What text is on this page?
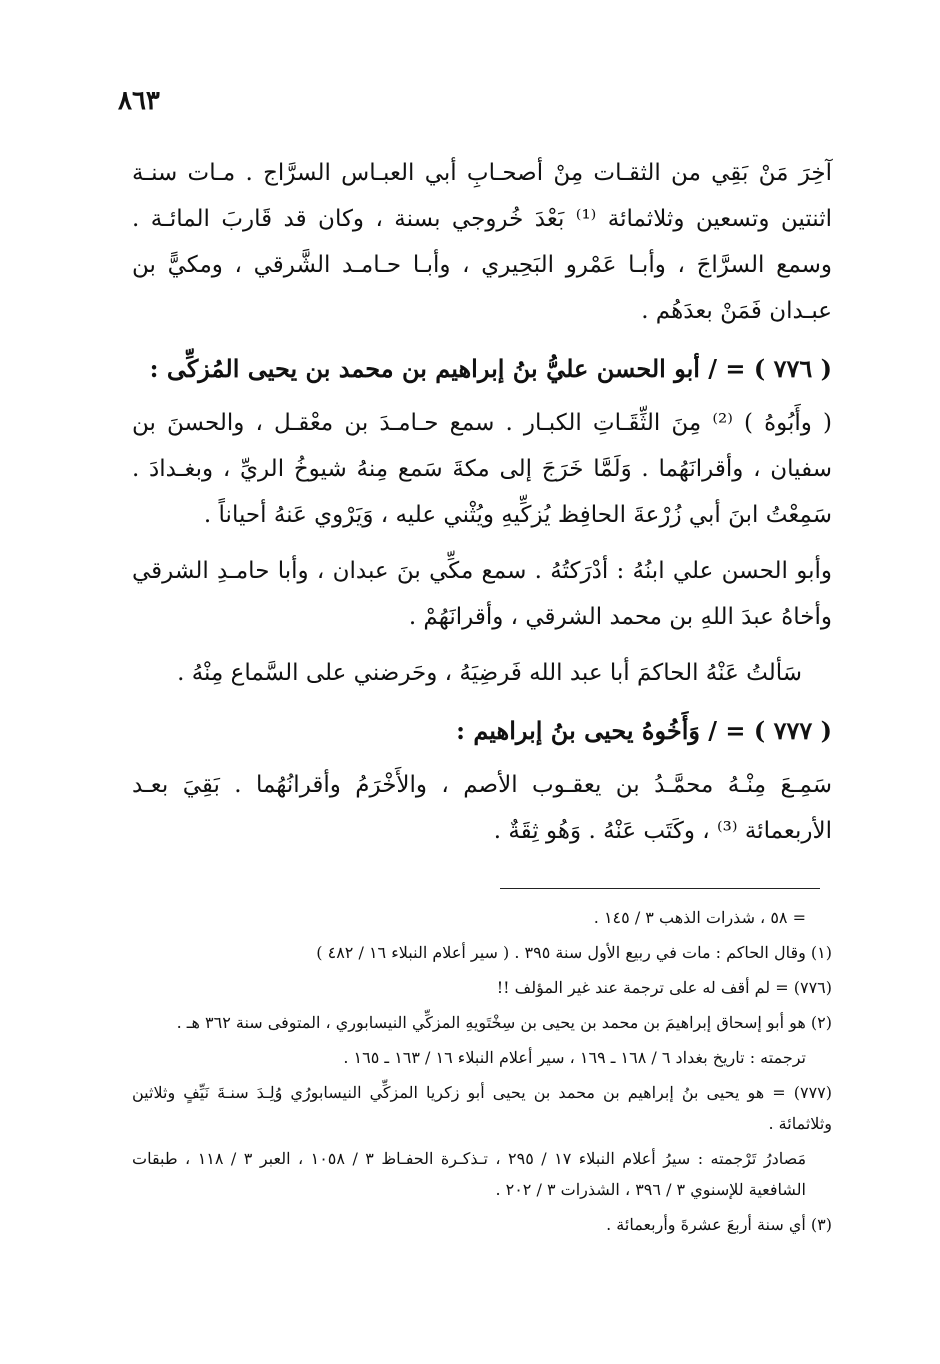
٨٦٣

آخِرَ مَنْ بَقِي من الثقـات مِنْ أصحـابِ أبي العبـاس السرَّاج . مـات سنـة اثنتين وتسعين وثلاثمائة ⁽¹⁾ بَعْدَ خُروجي بسنة ، وكان قد قَاربَ المائـة . وسمع السرَّاجَ ، وأبـا عَمْرو البَحِيري ، وأبـا حـامـد الشَّرقي ، ومكيًّ بن عبـدان فَمَنْ بعدَهُم .

( ٧٧٦ ) = / أبو الحسن عليُّ بنُ إبراهيم بن محمد بن يحيى المُزكِّى :

( وأَبُوهُ ) ⁽²⁾ مِنَ الثِّقَـاتِ الكبـار . سمع حـامـدَ بن معْقـل ، والحسنَ بن سفيان ، وأقرانَهُما . وَلَمَّا خَرَجَ إلى مكةَ سَمع مِنهُ شيوخُ الريِّ ، وبغـدادَ . سَمِعْتُ ابنَ أبي زُرْعةَ الحافِظ يُزكِّيهِ ويُثْني عليه ، وَيَرْوي عَنهُ أحياناً .

وأبو الحسن علي ابنُهُ : أدْرَكتُهُ . سمع مكِّي بنَ عبدان ، وأبا حامـدِ الشرقي وأخاهُ عبدَ اللهِ بن محمد الشرقي ، وأقرانَهُمْ .

سَألتُ عَنْهُ الحاكمَ أبا عبد الله فَرضِيَهُ ، وحَرضني على السَّماع مِنْهُ .

( ٧٧٧ ) = / وَأَخُوهُ يحيى بنُ إبراهيم :

سَمِـعَ مِنْـهُ محمَّـدُ بن يعقـوب الأصم ، والأَخْرَمُ وأقرانُهُما . بَقِيَ بعـد الأربعمائة ⁽³⁾ ، وكَتَب عَنْهُ . وَهُو ثِقَةٌ .

= ٥٨ ، شذرات الذهب ٣ / ١٤٥ .

(١) وقال الحاكم : مات في ربيع الأول سنة ٣٩٥ . ( سير أعلام النبلاء ١٦ / ٤٨٢ )

(٧٧٦) = لم أقف له على ترجمة عند غير المؤلف !!

(٢) هو أبو إسحاق إبراهيمَ بن محمد بن يحيى بن سِخْتَويهِ المزكِّي النيسابوري ، المتوفى سنة ٣٦٢ هـ .

ترجمته : تاريخ بغداد ٦ / ١٦٨ ـ ١٦٩ ، سير أعلام النبلاء ١٦ / ١٦٣ ـ ١٦٥ .

(٧٧٧) = هو يحيى بنُ إبراهيم بن محمد بن يحيى أبو زكريا المزكِّي النيسابورُي وُلِـدَ سنـةَ نَيِّفٍ وثلاثين وثلاثمائة .

مَصادرُ تَرْجمته : سيرُ أعلام النبلاء ١٧ / ٢٩٥ ، تـذكـرة الحفـاظ ٣ / ١٠٥٨ ، العبر ٣ / ١١٨ ، طبقات الشافعية للإسنوي ٣ / ٣٩٦ ، الشذرات ٣ / ٢٠٢ .

(٣) أي سنة أربعَ عشرةَ وأربعمائة .
